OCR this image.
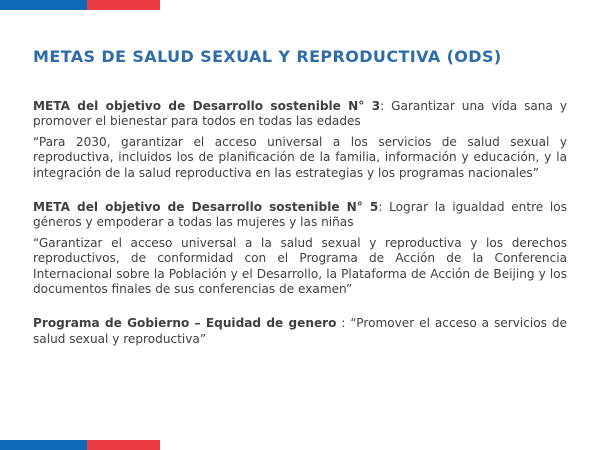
METAS DE SALUD SEXUAL Y REPRODUCTIVA (ODS)

META del objetivo de Desarrollo sostenible N° 3: Garantizar una vida sana y promover el bienestar para todos en todas las edades

“Para 2030, garantizar el acceso universal a los servicios de salud sexual y reproductiva, incluidos los de planificación de la familia, información y educación, y la integración de la salud reproductiva en las estrategias y los programas nacionales”

META del objetivo de Desarrollo sostenible N° 5: Lograr la igualdad entre los géneros y empoderar a todas las mujeres y las niñas

“Garantizar el acceso universal a la salud sexual y reproductiva y los derechos reproductivos, de conformidad con el Programa de Acción de la Conferencia Internacional sobre la Población y el Desarrollo, la Plataforma de Acción de Beijing y los documentos finales de sus conferencias de examen”

Programa de Gobierno – Equidad de genero : “Promover el acceso a servicios de salud sexual y reproductiva”
